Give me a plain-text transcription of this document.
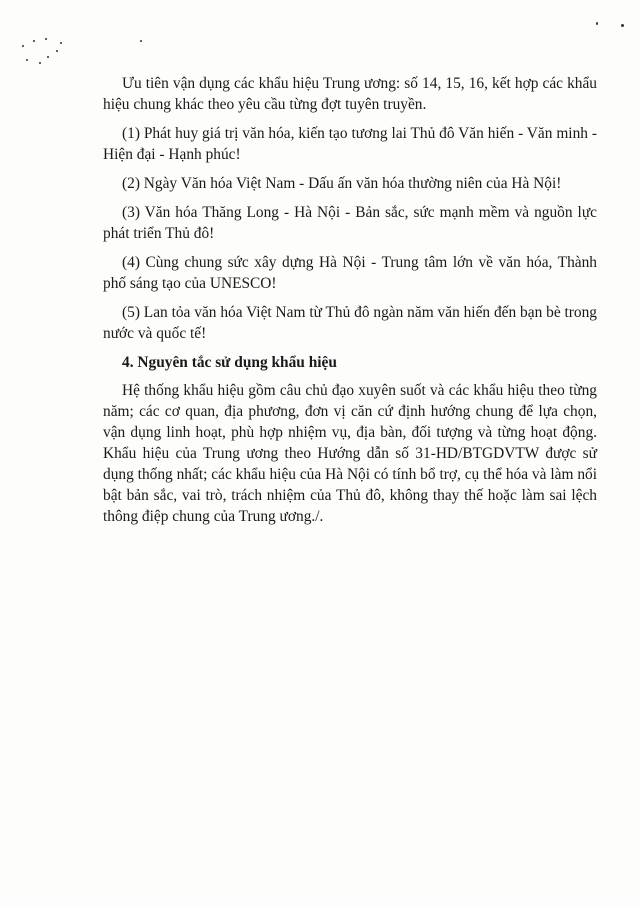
Ưu tiên vận dụng các khẩu hiệu Trung ương: số 14, 15, 16, kết hợp các khẩu hiệu chung khác theo yêu cầu từng đợt tuyên truyền.

(1) Phát huy giá trị văn hóa, kiến tạo tương lai Thủ đô Văn hiến - Văn minh - Hiện đại - Hạnh phúc!

(2) Ngày Văn hóa Việt Nam - Dấu ấn văn hóa thường niên của Hà Nội!

(3) Văn hóa Thăng Long - Hà Nội - Bản sắc, sức mạnh mềm và nguồn lực phát triển Thủ đô!

(4) Cùng chung sức xây dựng Hà Nội - Trung tâm lớn về văn hóa, Thành phố sáng tạo của UNESCO!

(5) Lan tỏa văn hóa Việt Nam từ Thủ đô ngàn năm văn hiến đến bạn bè trong nước và quốc tế!

4. Nguyên tắc sử dụng khẩu hiệu

Hệ thống khẩu hiệu gồm câu chủ đạo xuyên suốt và các khẩu hiệu theo từng năm; các cơ quan, địa phương, đơn vị căn cứ định hướng chung để lựa chọn, vận dụng linh hoạt, phù hợp nhiệm vụ, địa bàn, đối tượng và từng hoạt động. Khẩu hiệu của Trung ương theo Hướng dẫn số 31-HD/BTGDVTW được sử dụng thống nhất; các khẩu hiệu của Hà Nội có tính bổ trợ, cụ thể hóa và làm nổi bật bản sắc, vai trò, trách nhiệm của Thủ đô, không thay thế hoặc làm sai lệch thông điệp chung của Trung ương./.
